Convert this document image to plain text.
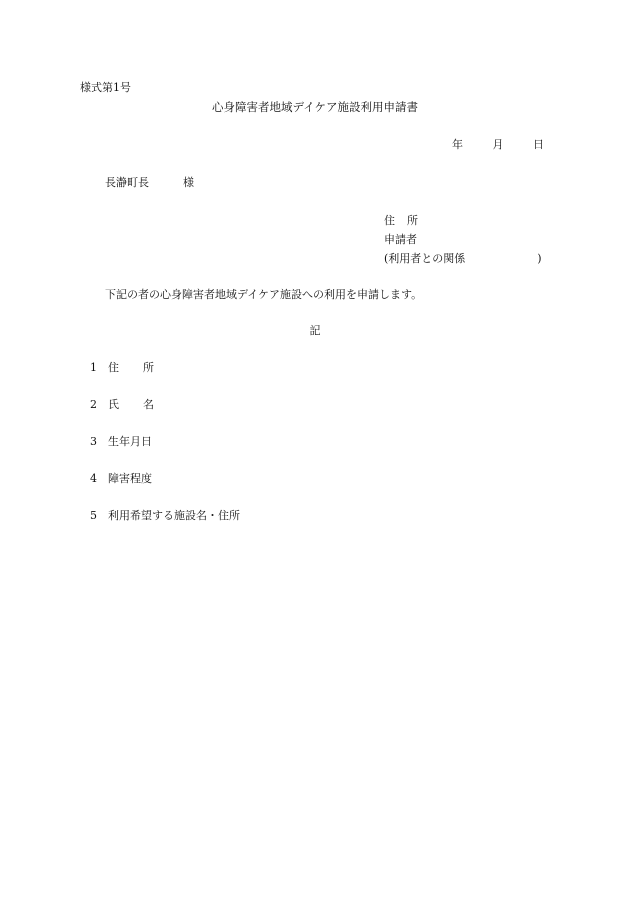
様式第1号
心身障害者地域デイケア施設利用申請書
年	月	日
長瀞町長	様
住 所
申請者
(利用者との関係	)
下記の者の心身障害者地域デイケア施設への利用を申請します。
記
1	住 所
2	氏 名
3	生年月日
4	障害程度
5	利用希望する施設名・住所
